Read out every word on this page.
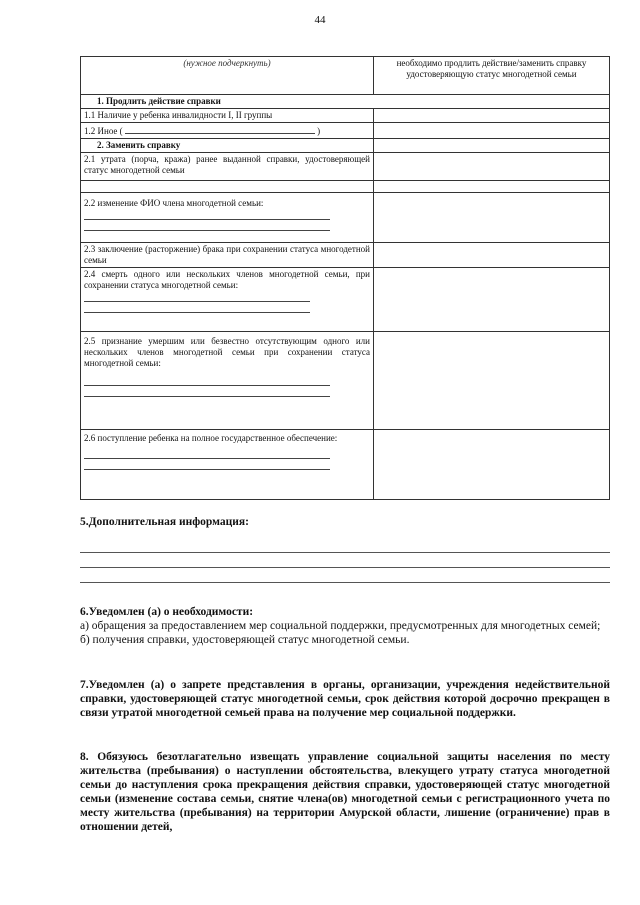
44
(нужное подчеркнуть)	необходимо продлить действие/заменить справку удостоверяющую статус многодетной семьи
1. Продлить действие справки	
1.1 Наличие у ребенка инвалидности I, II группы	
1.2 Иное ( )	
2. Заменить справку	
2.1 утрата (порча, кража) ранее выданной справки, удостоверяющей статус многодетной семьи	

2.2 изменение ФИО члена многодетной семьи:	

2.3 заключение (расторжение) брака при сохранении статуса многодетной семьи	

2.4 смерть одного или нескольких членов многодетной семьи, при сохранении статуса многодетной семьи:	

2.5 признание умершим или безвестно отсутствующим одного или нескольких членов многодетной семьи при сохранении статуса многодетной семьи:	

2.6 поступление ребенка на полное государственное обеспечение:	

5.Дополнительная информация:

6.Уведомлен (а) о необходимости:

а) обращения за предоставлением мер социальной поддержки, предусмотренных для многодетных семей;

б) получения справки, удостоверяющей статус многодетной семьи.

7.Уведомлен (а) о запрете представления в органы, организации, учреждения недействительной справки, удостоверяющей статус многодетной семьи, срок действия которой досрочно прекращен в связи утратой многодетной семьей права на получение мер социальной поддержки.

8. Обязуюсь безотлагательно извещать управление социальной защиты населения по месту жительства (пребывания) о наступлении обстоятельства, влекущего утрату статуса многодетной семьи до наступления срока прекращения действия справки, удостоверяющей статус многодетной семьи (изменение состава семьи, снятие члена(ов) многодетной семьи с регистрационного учета по месту жительства (пребывания) на территории Амурской области, лишение (ограничение) прав в отношении детей,
